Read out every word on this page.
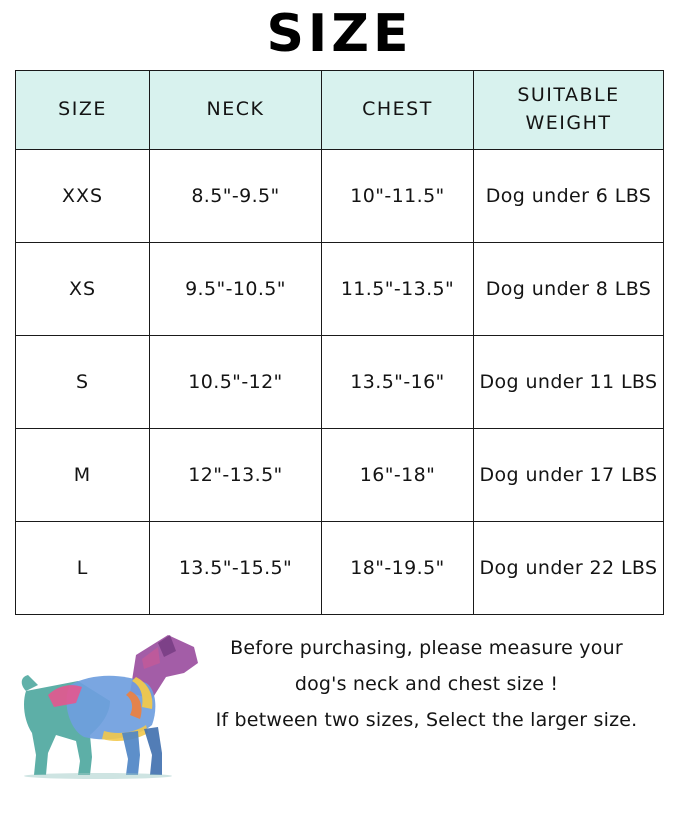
SIZE
SIZE	NECK	CHEST	SUITABLE WEIGHT
XXS	8.5"-9.5"	10"-11.5"	Dog under 6 LBS
XS	9.5"-10.5"	11.5"-13.5"	Dog under 8 LBS
S	10.5"-12"	13.5"-16"	Dog under 11 LBS
M	12"-13.5"	16"-18"	Dog under 17 LBS
L	13.5"-15.5"	18"-19.5"	Dog under 22 LBS

Before purchasing, please measure your

dog's neck and chest size !

If between two sizes, Select the larger size.
